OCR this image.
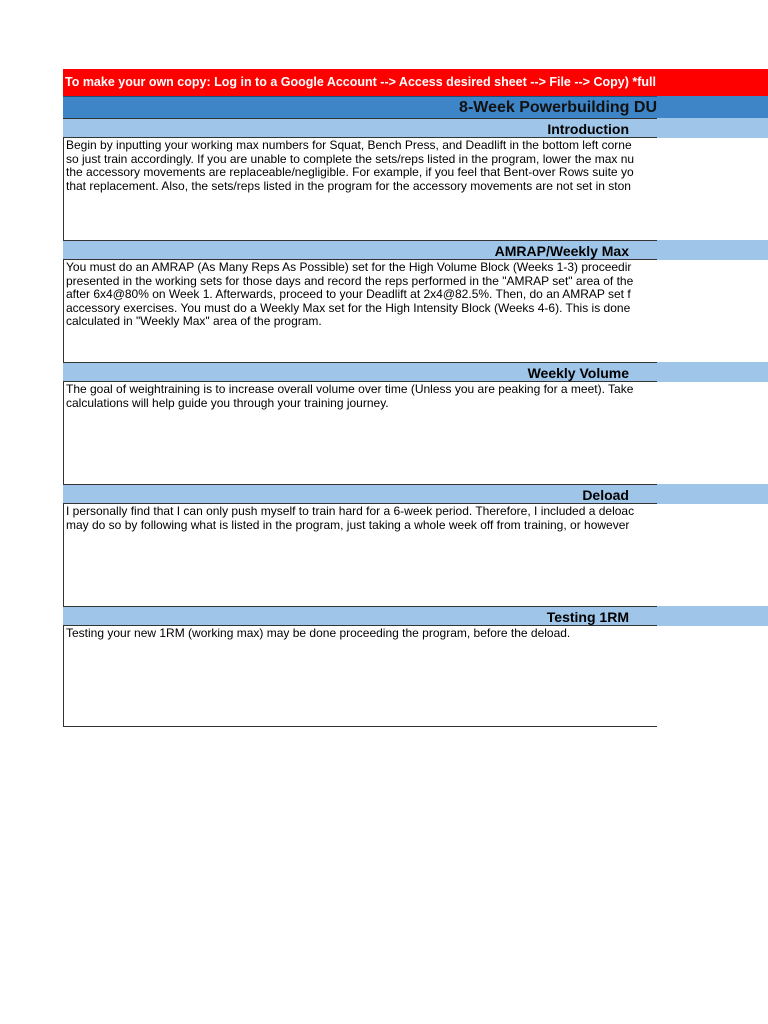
To make your own copy: Log in to a Google Account --> Access desired sheet --> File --> Copy) *full
8-Week Powerbuilding DU
Introduction

Begin by inputting your working max numbers for Squat, Bench Press, and Deadlift in the bottom left corne

so just train accordingly. If you are unable to complete the sets/reps listed in the program, lower the max nu

the accessory movements are replaceable/negligible. For example, if you feel that Bent-over Rows suite yo

that replacement. Also, the sets/reps listed in the program for the accessory movements are not set in ston

AMRAP/Weekly Max

You must do an AMRAP (As Many Reps As Possible) set for the High Volume Block (Weeks 1-3) proceedir

presented in the working sets for those days and record the reps performed in the "AMRAP set" area of the

after 6x4@80% on Week 1. Afterwards, proceed to your Deadlift at 2x4@82.5%. Then, do an AMRAP set f

accessory exercises. You must do a Weekly Max set for the High Intensity Block (Weeks 4-6). This is done

calculated in "Weekly Max" area of the program.

Weekly Volume

The goal of weightraining is to increase overall volume over time (Unless you are peaking for a meet). Take

calculations will help guide you through your training journey.

Deload

I personally find that I can only push myself to train hard for a 6-week period. Therefore, I included a deloac

may do so by following what is listed in the program, just taking a whole week off from training, or however

Testing 1RM

Testing your new 1RM (working max) may be done proceeding the program, before the deload.
